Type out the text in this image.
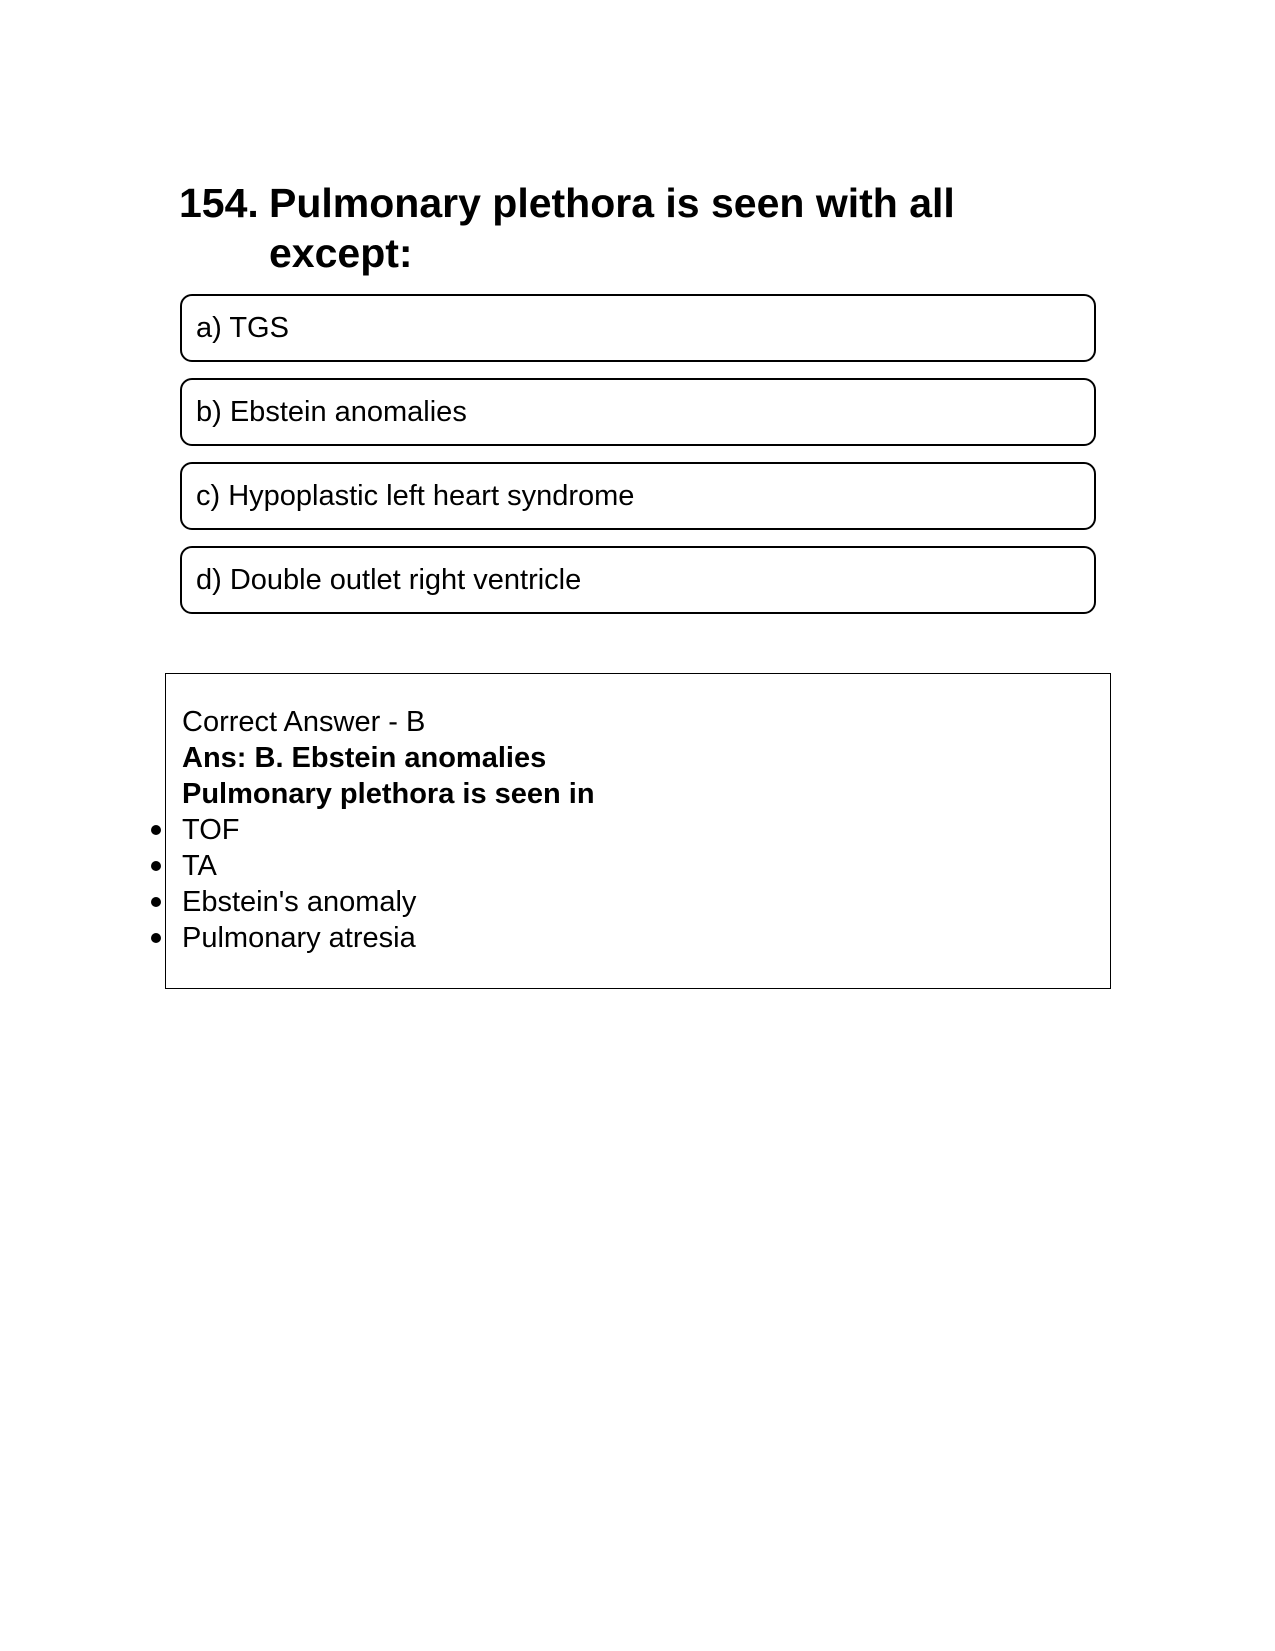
154. Pulmonary plethora is seen with all except:
a) TGS
b) Ebstein anomalies
c) Hypoplastic left heart syndrome
d) Double outlet right ventricle
Correct Answer - B
Ans: B. Ebstein anomalies
Pulmonary plethora is seen in
TOF
TA
Ebstein's anomaly
Pulmonary atresia
